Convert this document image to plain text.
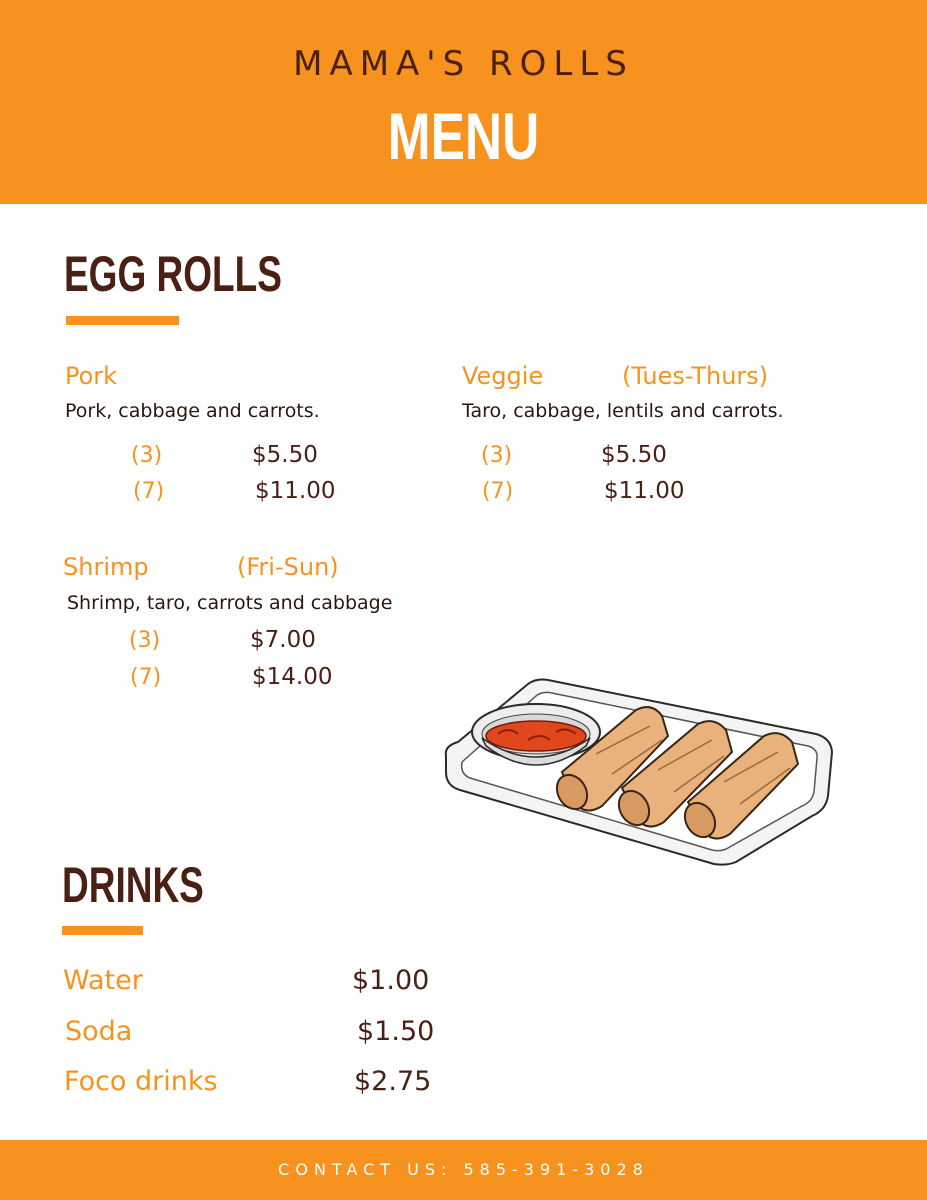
MAMA'S ROLLS
MENU
EGG ROLLS
Pork
Pork, cabbage and carrots.
(3)	$5.50
(7)	$11.00
Veggie	(Tues-Thurs)
Taro, cabbage, lentils and carrots.
(3)	$5.50
(7)	$11.00
Shrimp	(Fri-Sun)
Shrimp, taro, carrots and cabbage
(3)	$7.00
(7)	$14.00
DRINKS
Water	$1.00
Soda	$1.50
Foco drinks	$2.75
CONTACT US: 585-391-3028
